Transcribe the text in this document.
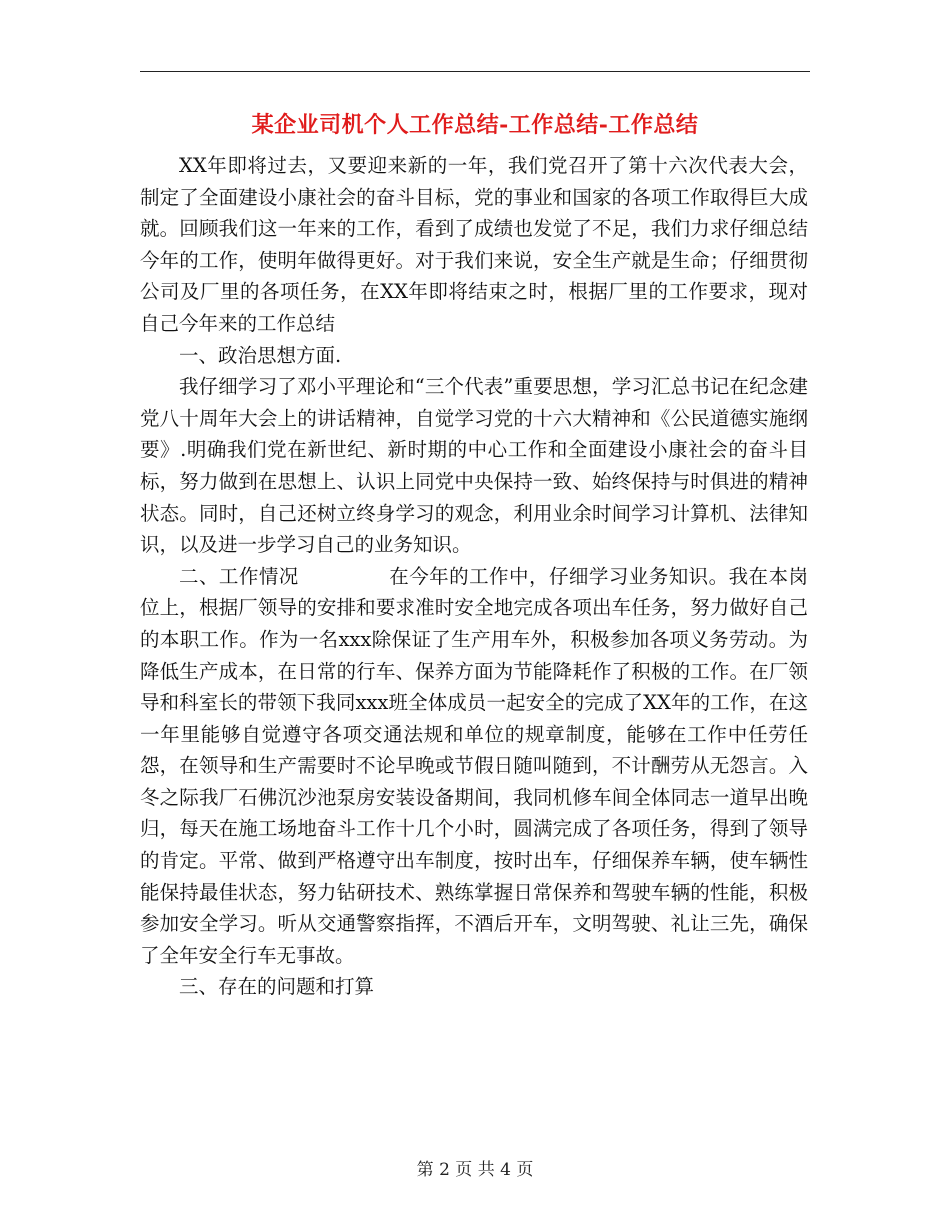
某企业司机个人工作总结-工作总结-工作总结

XX年即将过去，又要迎来新的一年，我们党召开了第十六次代表大会，制定了全面建设小康社会的奋斗目标，党的事业和国家的各项工作取得巨大成就。回顾我们这一年来的工作，看到了成绩也发觉了不足，我们力求仔细总结今年的工作，使明年做得更好。对于我们来说，安全生产就是生命；仔细贯彻公司及厂里的各项任务，在XX年即将结束之时，根据厂里的工作要求，现对自己今年来的工作总结

一、政治思想方面.

我仔细学习了邓小平理论和“三个代表”重要思想，学习汇总书记在纪念建党八十周年大会上的讲话精神，自觉学习党的十六大精神和《公民道德实施纲要》.明确我们党在新世纪、新时期的中心工作和全面建设小康社会的奋斗目标，努力做到在思想上、认识上同党中央保持一致、始终保持与时俱进的精神状态。同时，自己还树立终身学习的观念，利用业余时间学习计算机、法律知识，以及进一步学习自己的业务知识。

二、工作情况	在今年的工作中，仔细学习业务知识。我在本岗位上，根据厂领导的安排和要求准时安全地完成各项出车任务，努力做好自己的本职工作。作为一名xxx除保证了生产用车外，积极参加各项义务劳动。为降低生产成本，在日常的行车、保养方面为节能降耗作了积极的工作。在厂领导和科室长的带领下我同xxx班全体成员一起安全的完成了XX年的工作，在这一年里能够自觉遵守各项交通法规和单位的规章制度，能够在工作中任劳任怨，在领导和生产需要时不论早晚或节假日随叫随到，不计酬劳从无怨言。入冬之际我厂石佛沉沙池泵房安装设备期间，我同机修车间全体同志一道早出晚归，每天在施工场地奋斗工作十几个小时，圆满完成了各项任务，得到了领导的肯定。平常、做到严格遵守出车制度，按时出车，仔细保养车辆，使车辆性能保持最佳状态，努力钻研技术、熟练掌握日常保养和驾驶车辆的性能，积极参加安全学习。听从交通警察指挥，不酒后开车，文明驾驶、礼让三先，确保了全年安全行车无事故。

三、存在的问题和打算

第 2 页 共 4 页
